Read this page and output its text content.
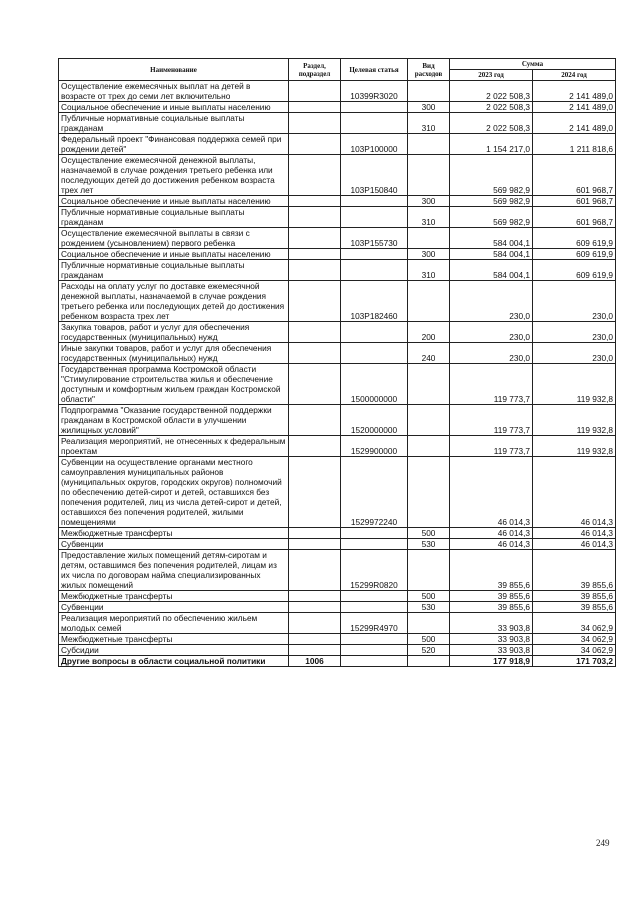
Наименование	Раздел, подраздел	Целевая статья	Вид расходов	Сумма	
				2023 год	2024 год
Осуществление ежемесячных выплат на детей в возрасте от трех до семи лет включительно		10399R3020		2 022 508,3	2 141 489,0
Социальное обеспечение и иные выплаты населению			300	2 022 508,3	2 141 489,0
Публичные нормативные социальные выплаты гражданам			310	2 022 508,3	2 141 489,0
Федеральный проект "Финансовая поддержка семей при рождении детей"		103P100000		1 154 217,0	1 211 818,6
Осуществление ежемесячной денежной выплаты, назначаемой в случае рождения третьего ребенка или последующих детей до достижения ребенком возраста трех лет		103P150840		569 982,9	601 968,7
Социальное обеспечение и иные выплаты населению			300	569 982,9	601 968,7
Публичные нормативные социальные выплаты гражданам			310	569 982,9	601 968,7
Осуществление ежемесячной выплаты в связи с рождением (усыновлением) первого ребенка		103P155730		584 004,1	609 619,9
Социальное обеспечение и иные выплаты населению			300	584 004,1	609 619,9
Публичные нормативные социальные выплаты гражданам			310	584 004,1	609 619,9
Расходы на оплату услуг по доставке ежемесячной денежной выплаты, назначаемой в случае рождения третьего ребенка или последующих детей до достижения ребенком возраста трех лет		103P182460		230,0	230,0
Закупка товаров, работ и услуг для обеспечения государственных (муниципальных) нужд			200	230,0	230,0
Иные закупки товаров, работ и услуг для обеспечения государственных (муниципальных) нужд			240	230,0	230,0
Государственная программа Костромской области "Стимулирование строительства жилья и обеспечение доступным и комфортным жильем граждан Костромской области"		1500000000		119 773,7	119 932,8
Подпрограмма "Оказание государственной поддержки гражданам в Костромской области в улучшении жилищных условий"		1520000000		119 773,7	119 932,8
Реализация мероприятий, не отнесенных к федеральным проектам		1529900000		119 773,7	119 932,8
Субвенции на осуществление органами местного самоуправления муниципальных районов (муниципальных округов, городских округов) полномочий по обеспечению детей-сирот и детей, оставшихся без попечения родителей, лиц из числа детей-сирот и детей, оставшихся без попечения родителей, жилыми помещениями		1529972240		46 014,3	46 014,3
Межбюджетные трансферты			500	46 014,3	46 014,3
Субвенции			530	46 014,3	46 014,3
Предоставление жилых помещений детям-сиротам и детям, оставшимся без попечения родителей, лицам из их числа по договорам найма специализированных жилых помещений		15299R0820		39 855,6	39 855,6
Межбюджетные трансферты			500	39 855,6	39 855,6
Субвенции			530	39 855,6	39 855,6
Реализация мероприятий по обеспечению жильем молодых семей		15299R4970		33 903,8	34 062,9
Межбюджетные трансферты			500	33 903,8	34 062,9
Субсидии			520	33 903,8	34 062,9
Другие вопросы в области социальной политики	1006			177 918,9	171 703,2
249
